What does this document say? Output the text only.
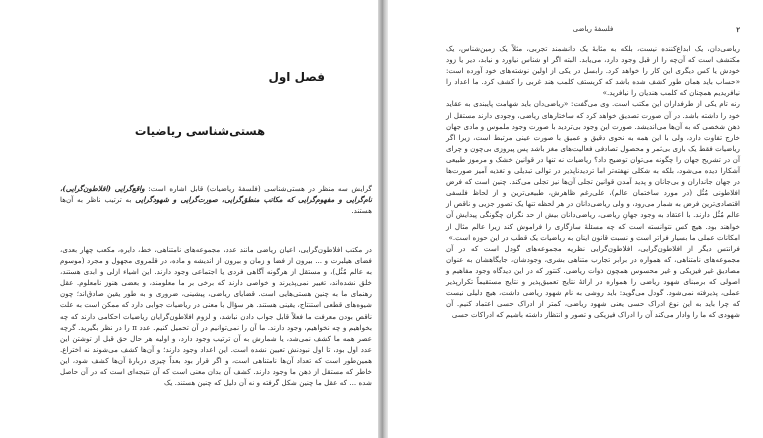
فصل اول
هستی‌شناسی ریاضیات
گرایش سه منظر در هستی‌شناسی (فلسفهٔ ریاضیات) قابل اشاره است: واقع‌گرایی (افلاطون‌گرایی)، نام‌گرایی و مفهوم‌گرایی که مکاتب منطق‌گرایی، صورت‌گرایی و شهودگرایی به ترتیب ناظر به آن‌ها هستند.

در مکتب افلاطون‌گرایی، اعیان ریاضی مانند عدد، مجموعه‌های نامتناهی، خط، دایره، مکعب چهار بعدی، فضای هیلبرت و ... بیرون از فضا و زمان و بیرون از اندیشه و ماده، در قلمروی مجهول و مجرد (موسوم به عالم مُثُل)، و مستقل از هرگونه آگاهی فردی یا اجتماعی وجود دارند. این اشیاء ازلی و ابدی هستند، خلق نشده‌اند، تغییر نمی‌پذیرند و خواصی دارند که برخی بر ما معلومند، و بعضی هنوز نامعلوم. عقل رهنمای ما به چنین هستی‌هایی است. قضایای ریاضی، پیشینی، ضروری و به طور یقین صادق‌اند؛ چون شیوه‌های قطعی استنتاج، یقینی هستند. هر سؤال با معنی در ریاضیات جوابی دارد که ممکن است به علت ناقص بودن معرفت ما فعلاً قابل جواب دادن نباشد، و لزوم افلاطون‌گرایان ریاضیات احکامی دارند که چه بخواهیم و چه نخواهیم، وجود دارند. ما آن را نمی‌توانیم در آن تحمیل کنیم. عدد π را در نظر بگیرید. گرچه عصر همه ما کشف نمی‌شد، یا شمارش به آن ترتیب وجود دارد، و اولیه هر حال حق قبل از توشتن این عدد اول بود، تا اول نبودنش تعیین نشده است. این اعداد وجود دارند؛ و آن‌ها کشف می‌شوند نه اختراع. همین‌طور است که تعداد آن‌ها نامتناهی است، و اگر قرار بود بعداً چیزی دربارهٔ آن‌ها کشف شود، این خاطر که مستقل از ذهن ما وجود دارند. کشف آن بدان معنی است که آن نتیجه‌ای است که در آن حاصل شده ... که عقل ما چنین شکل گرفته و نه آن دلیل که چنین هستند. یک

فلسفهٔ ریاضی	۲

ریاضی‌دان، یک ابداع‌کننده نیست، بلکه به مثابهٔ یک دانشمند تجربی، مثلاً یک زمین‌شناس، یک مکتشف است که آن‌چه را از قبل وجود دارد، می‌یابد. البته اگر او شناس نیاورد و نیابد، دیر یا زود خودش یا کس دیگری این کار را خواهد کرد. رابسل در یکی از اولین نوشته‌های خود آورده است: «حساب باید همان طور کشف شده باشد که کریستف کلمب هند غربی را کشف کرد. ما اعداد را نیافریدیم همچنان که کلمب هندیان را نیافرید.»

رنه تام یکی از طرفداران این مکتب است. وی می‌گفت: «ریاضی‌دان باید شهامت پایبندی به عقاید خود را داشته باشد. در آن صورت تصدیق خواهد کرد که ساختارهای ریاضی، وجودی دارند مستقل از ذهن شخصی که به آن‌ها می‌اندیشد. صورت این وجود بی‌تردید با صورت وجود ملموس و مادی جهان خارج تفاوت دارد، ولی با این همه به نحوی دقیق و عمیق با صورت عینی مرتبط است، زیرا اگر ریاضیات فقط یک بازی بی‌ثمر و محصول تصادفی فعالیت‌های مغز باشد پس پیروزی بی‌چون و چرای آن در تشریح جهان را چگونه می‌توان توضیح داد؟ ریاضیات نه تنها در قوانین خشک و مرموز طبیعی آشکارا دیده می‌شود، بلکه به شکلی نهفته‌تر اما تردیدناپذیر در توالی تبدیلی و تغذیه آمیز صورت‌ها در جهان جانداران و بی‌جانان و پدید آمدن قوانین تجلی آن‌ها نیز تجلی می‌کند. چنین است که فرض افلاطونی مُثُل (در مورد ساختمان عالم)، علی‌رغم ظاهرش، طبیعی‌ترین و از لحاظ فلسفی اقتصادی‌ترین فرض به شمار می‌رود، و ولی ریاضی‌دانان در هر لحظه تنها یک تصور جزیی و ناقص از عالم مُثُل دارند. با اعتقاد به وجود جهانِ ریاضی، ریاضی‌دانان بیش از حد نگران چگونگی پیدایش آن خواهند بود. هیچ کس نتوانسته است که چه مسئلهٔ سازگاری را فراموش کند زیرا عالم مثال از امکانات عملی ما بسیار فراتر است و نسبت قانون اینان به ریاضیات یک قطب در این حوزه است.»

فرانتس دیگر از افلاطون‌گرایی، افلاطون‌گرایی نظریه مجموعه‌های گودل است که در آن مجموعه‌های نامتناهی، که همواره در برابر تجارب متناهی بشری، وجودشان، جایگاهشان به عنوان مصادیق غیر فیزیکی و غیر محسوس همچون ذوات ریاضی. کنتور که در این دیدگاه وجود مفاهیم و اصولی که برمبنای شهود ریاضی را همواره در ارائهٔ نتایج تعمیق‌پذیر و نتایج مستقیماً تکرارپذیر عملی، پذیرفته نمی‌شود. گودل می‌گوید: باید روشی به نام شهود ریاضی داشت، هیچ دلیلی نیست که چرا باید به این نوع ادراک حسی یعنی شهود ریاضی، کمتر از ادراک حسی اعتماد کنیم. آن شهودی که ما را وادار می‌کند آن را ادراک فیزیکی و تصور و انتظار داشته باشیم که ادراکات حسی
